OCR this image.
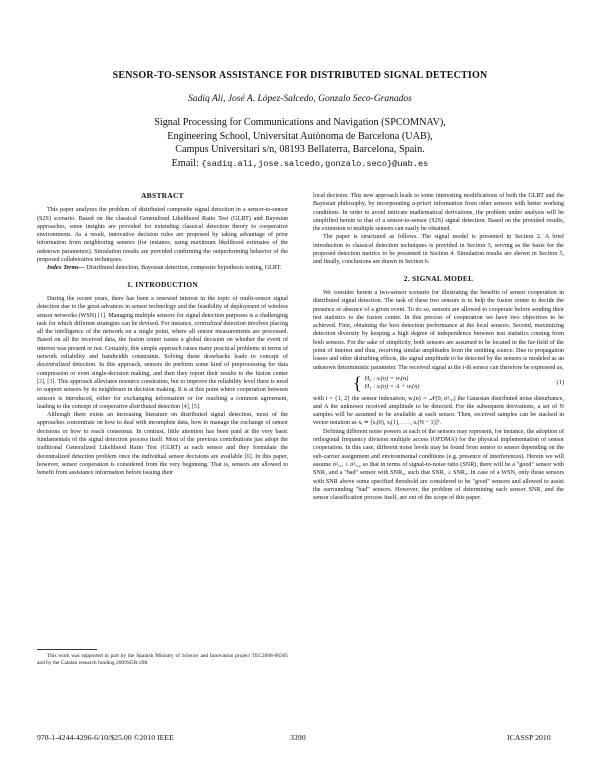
SENSOR-TO-SENSOR ASSISTANCE FOR DISTRIBUTED SIGNAL DETECTION
Sadiq Ali, José A. López-Salcedo, Gonzalo Seco-Granados
Signal Processing for Communications and Navigation (SPCOMNAV),
Engineering School, Universitat Autònoma de Barcelona (UAB),
Campus Universitari s/n, 08193 Bellaterra, Barcelona, Spain.
Email: {sadiq.ali,jose.salcedo,gonzalo.seco}@uab.es
ABSTRACT

This paper analyzes the problem of distributed composite signal detection in a sensor-to-sensor (S2S) scenario. Based on the classical Generalized Likelihood Ratio Test (GLRT) and Bayesian approaches, some insights are provided for extending classical detection theory to cooperative environments. As a result, innovative decision rules are proposed by taking advantage of prior information from neighboring sensors (for instance, using maximum likelihood estimates of the unknown parameters). Simulation results are provided confirming the outperforming behavior of the proposed collaborative techniques.

Index Terms— Distributed detection, Bayesian detection, composite hypothesis testing, GLRT.

1. INTRODUCTION

During the recent years, there has been a renewed interest in the topic of multi-sensor signal detection due to the great advances in sensor technology and the feasibility of deployment of wireless sensor networks (WSN) [1]. Managing multiple sensors for signal detection purposes is a challenging task for which different strategies can be devised. For instance, centralized detection involves placing all the intelligence of the network on a single point, where all sensor measurements are processed. Based on all the received data, the fusion center issues a global decision on whether the event of interest was present or not. Certainly, this simple approach raises many practical problems in terms of network reliability and bandwidth constraints. Solving these drawbacks leads to concept of decentralized detection. In this approach, sensors do perform some kind of preprocessing for data compression or even single-decision making, and then they report their results to the fusion center [2], [3]. This approach alleviates resource constraints, but to improve the reliability level there is need to support sensors by its neighbours in decision making. It is at this point where cooperation between sensors is introduced, either for exchanging information or for reaching a common agreement, leading to the concept of cooperative distributed detection [4], [5].

Although there exists an increasing literature on distributed signal detection, most of the approaches concentrate on how to deal with incomplete data, how to manage the exchange of sensor decisions or how to reach consensus. In contrast, little attention has been paid at the very basic fundamentals of the signal detection process itself. Most of the previous contributions just adopt the traditional Generalized Likelihood Ratio Test (GLRT) at each sensor and they formulate the decentralized detection problem once the individual sensor decisions are available [6]. In this paper, however, sensor cooperation is considered from the very beginning. That is, sensors are allowed to benefit from assistance information before issuing their

local decision. This new approach leads to some interesting modifications of both the GLRT and the Bayesian philosophy, by incorporating a-priori information from other sensors with better working conditions. In order to avoid intricate mathematical derivations, the problem under analysis will be simplified herein to that of a sensor-to-sensor (S2S) signal detection. Based on the provided results, the extension to multiple sensors can easily be obtained.

The paper is structured as follows. The signal model is presented in Section 2. A brief introduction to classical detection techniques is provided in Section 3, serving as the basis for the proposed detection metrics to be presented in Section 4. Simulation results are shown in Section 5, and finally, conclusions are drawn in Section 6.

2. SIGNAL MODEL

We consider herein a two-sensor scenario for illustrating the benefits of sensor cooperation in distributed signal detection. The task of these two sensors is to help the fusion center to decide the presence or absence of a given event. To do so, sensors are allowed to cooperate before sending their test statistics to the fusion center. In this process of cooperation we have two objectives to be achieved. First, obtaining the best detection performance at the local sensors. Second, maximizing detection diversity by keeping a high degree of independence between test statistics coming from both sensors. For the sake of simplicity, both sensors are assumed to be located in the far-field of the point of interest and thus, receiving similar amplitudes from the emitting source. Due to propagation losses and other disturbing effects, the signal amplitude to be detected by the sensors is modeled as an unknown deterministic parameter. The received signal at the i-th sensor can therefore be expressed as,

{ H₀ : xᵢ(n) = wᵢ(n)
H₁ : xᵢ(n) = A + wᵢ(n)
(1)

with i = {1, 2} the sensor indexation, wᵢ(n) ∼ 𝒩(0, σ²ᵥ,ᵢ) the Gaussian distributed noise disturbance, and A the unknown received amplitude to be detected. For the subsequent derivations, a set of N samples will be assumed to be available at each sensor. Then, received samples can be stacked in vector notation as xᵢ ≐ [xᵢ(0), xᵢ(1), . . . , xᵢ(N − 1)]ᵀ.

Defining different noise powers at each of the sensors may represent, for instance, the adoption of orthogonal frequency division multiple access (OFDMA) for the physical implementation of sensor cooperation. In this case, different noise levels may be found from sensor to sensor depending on the sub-carrier assignment and environmental conditions (e.g. presence of interferences). Herein we will assume σ²ᵥ,₁ ≤ σ²ᵥ,₂ so that in terms of signal-to-noise ratio (SNR), there will be a "good" sensor with SNR₁ and a "bad" sensor with SNR₂, such that SNR₁ ≥ SNR₂. In case of a WSN, only those sensors with SNR above some specified threshold are considered to be "good" sensors and allowed to assist the surrounding "bad" sensors. However, the problem of determining each sensor SNR, and the sensor classification process itself, are out of the scope of this paper.

This work was supported in part by the Spanish Ministry of Science and Innovation project TEC2008-06305 and by the Catalan research funding 2009SGR-298.

978-1-4244-4296-6/10/$25.00 ©2010 IEEE	3390	ICASSP 2010
